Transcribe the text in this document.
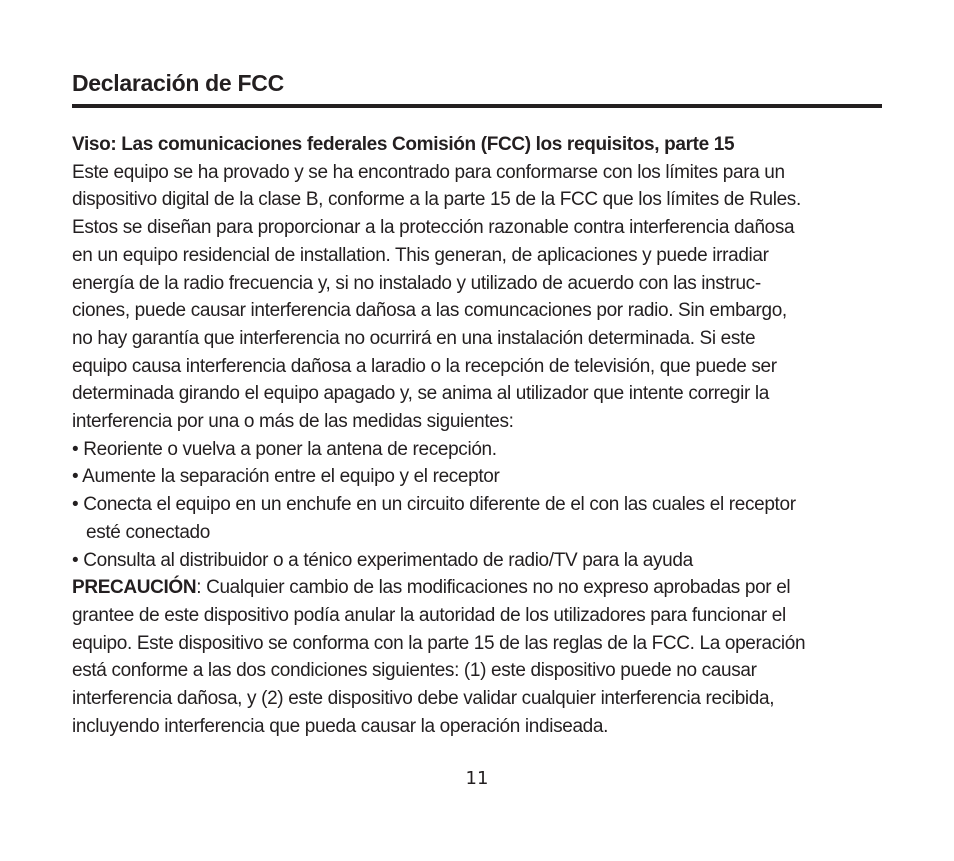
Declaración de FCC
Viso: Las comunicaciones federales Comisión (FCC) los requisitos, parte 15
Este equipo se ha provado y se ha encontrado para conformarse con los límites para un
dispositivo digital de la clase B, conforme a la parte 15 de la FCC que los límites de Rules.
Estos se diseñan para proporcionar a la protección razonable contra interferencia dañosa
en un equipo residencial de installation. This generan, de aplicaciones y puede irradiar
energía de la radio frecuencia y, si no instalado y utilizado de acuerdo con las instruc-
ciones, puede causar interferencia dañosa a las comuncaciones por radio. Sin embargo,
no hay garantía que interferencia no ocurrirá en una instalación determinada. Si este
equipo causa interferencia dañosa a laradio o la recepción de televisión, que puede ser
determinada girando el equipo apagado y, se anima al utilizador que intente corregir la
interferencia por una o más de las medidas siguientes:
• Reoriente o vuelva a poner la antena de recepción.
• Aumente la separación entre el equipo y el receptor
• Conecta el equipo en un enchufe en un circuito diferente de el con las cuales el receptor
esté conectado
• Consulta al distribuidor o a ténico experimentado de radio/TV para la ayuda
PRECAUCIÓN: Cualquier cambio de las modificaciones no no expreso aprobadas por el
grantee de este dispositivo podía anular la autoridad de los utilizadores para funcionar el
equipo. Este dispositivo se conforma con la parte 15 de las reglas de la FCC. La operación
está conforme a las dos condiciones siguientes: (1) este dispositivo puede no causar
interferencia dañosa, y (2) este dispositivo debe validar cualquier interferencia recibida,
incluyendo interferencia que pueda causar la operación indiseada.
11
